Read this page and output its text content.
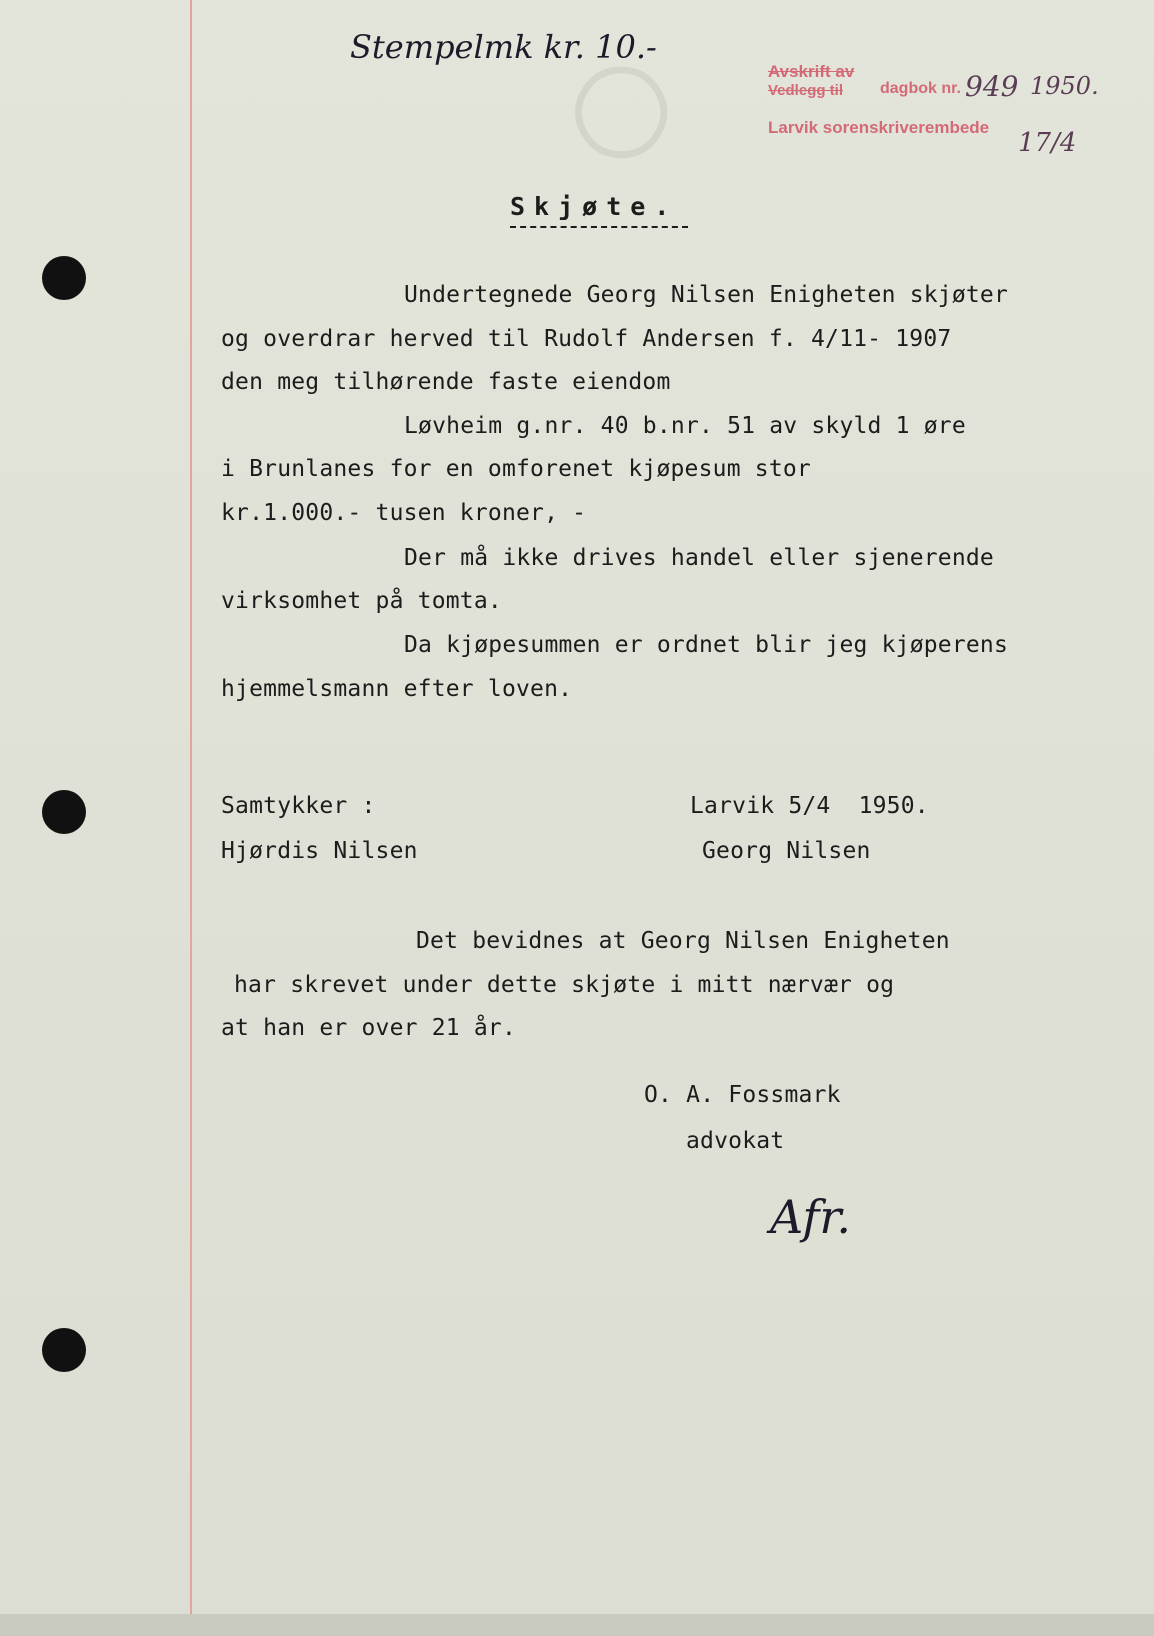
○
Stempelmk kr. 10.-
Avskrift av
Vedlegg til dagbok nr. 949 1950.
Larvik sorenskriverembede
17/4
Skjøte.
Undertegnede Georg Nilsen Enigheten skjøter
og overdrar herved til Rudolf Andersen f. 4/11- 1907
den meg tilhørende faste eiendom
Løvheim g.nr. 40 b.nr. 51 av skyld 1 øre
i Brunlanes for en omforenet kjøpesum stor
kr.1.000.- tusen kroner, -
Der må ikke drives handel eller sjenerende
virksomhet på tomta.
Da kjøpesummen er ordnet blir jeg kjøperens
hjemmelsmann efter loven.
Samtykker :	Larvik 5/4  1950.
Hjørdis Nilsen	Georg Nilsen
Det bevidnes at Georg Nilsen Enigheten
har skrevet under dette skjøte i mitt nærvær og
at han er over 21 år.
O. A. Fossmark
advokat
Afr.
